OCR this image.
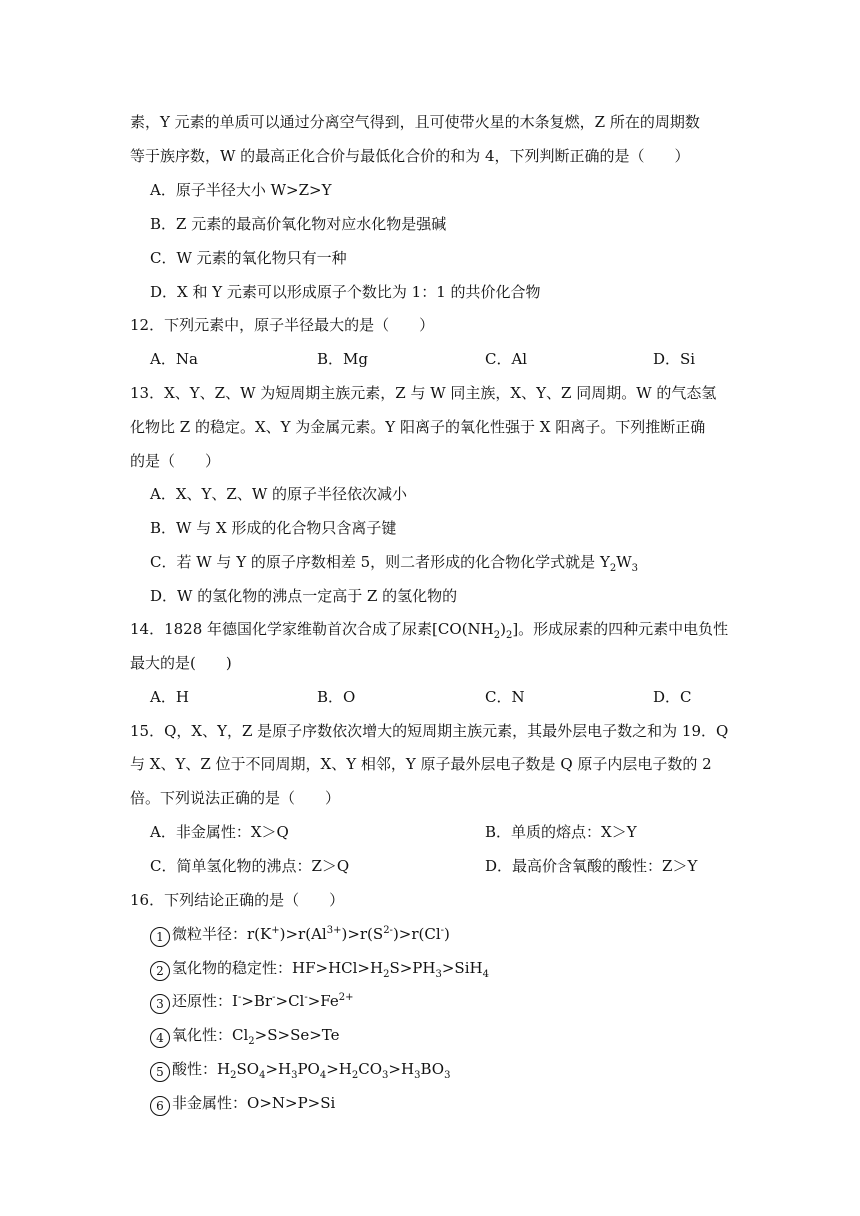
素，Y 元素的单质可以通过分离空气得到，且可使带火星的木条复燃，Z 所在的周期数
等于族序数，W 的最高正化合价与最低化合价的和为 4，下列判断正确的是（　　）
A．原子半径大小 W>Z>Y
B．Z 元素的最高价氧化物对应水化物是强碱
C．W 元素的氧化物只有一种
D．X 和 Y 元素可以形成原子个数比为 1：1 的共价化合物
12．下列元素中，原子半径最大的是（　　）
A．Na	B．Mg	C．Al	D．Si
13．X、Y、Z、W 为短周期主族元素，Z 与 W 同主族，X、Y、Z 同周期。W 的气态氢
化物比 Z 的稳定。X、Y 为金属元素。Y 阳离子的氧化性强于 X 阳离子。下列推断正确
的是（　　）
A．X、Y、Z、W 的原子半径依次减小
B．W 与 X 形成的化合物只含离子键
C．若 W 与 Y 的原子序数相差 5，则二者形成的化合物化学式就是 $Y_2W_3$
D．W 的氢化物的沸点一定高于 Z 的氢化物的
14．1828 年德国化学家维勒首次合成了尿素$[CO(NH_2)_2]$。形成尿素的四种元素中电负性
最大的是(　　)
A．H	B．O	C．N	D．C
15．Q，X、Y，Z 是原子序数依次增大的短周期主族元素，其最外层电子数之和为 19．Q
与 X、Y、Z 位于不同周期，X、Y 相邻，Y 原子最外层电子数是 Q 原子内层电子数的 2
倍。下列说法正确的是（　　）
A．非金属性：X＞Q	B．单质的熔点：X＞Y
C．简单氢化物的沸点：Z＞Q	D．最高价含氧酸的酸性：Z＞Y
16．下列结论正确的是（　　）
1 微粒半径：$r(K^+)>r(Al^{3+})>r(S^{2-})>r(Cl^-)$
2 氢化物的稳定性：$HF>HCl>H_2S>PH_3>SiH_4$
3 还原性：$I^->Br^->Cl^->Fe^{2+}$
4 氧化性：$Cl_2>S>Se>Te$
5 酸性：$H_2SO_4>H_3PO_4>H_2CO_3>H_3BO_3$
6 非金属性：O>N>P>Si
